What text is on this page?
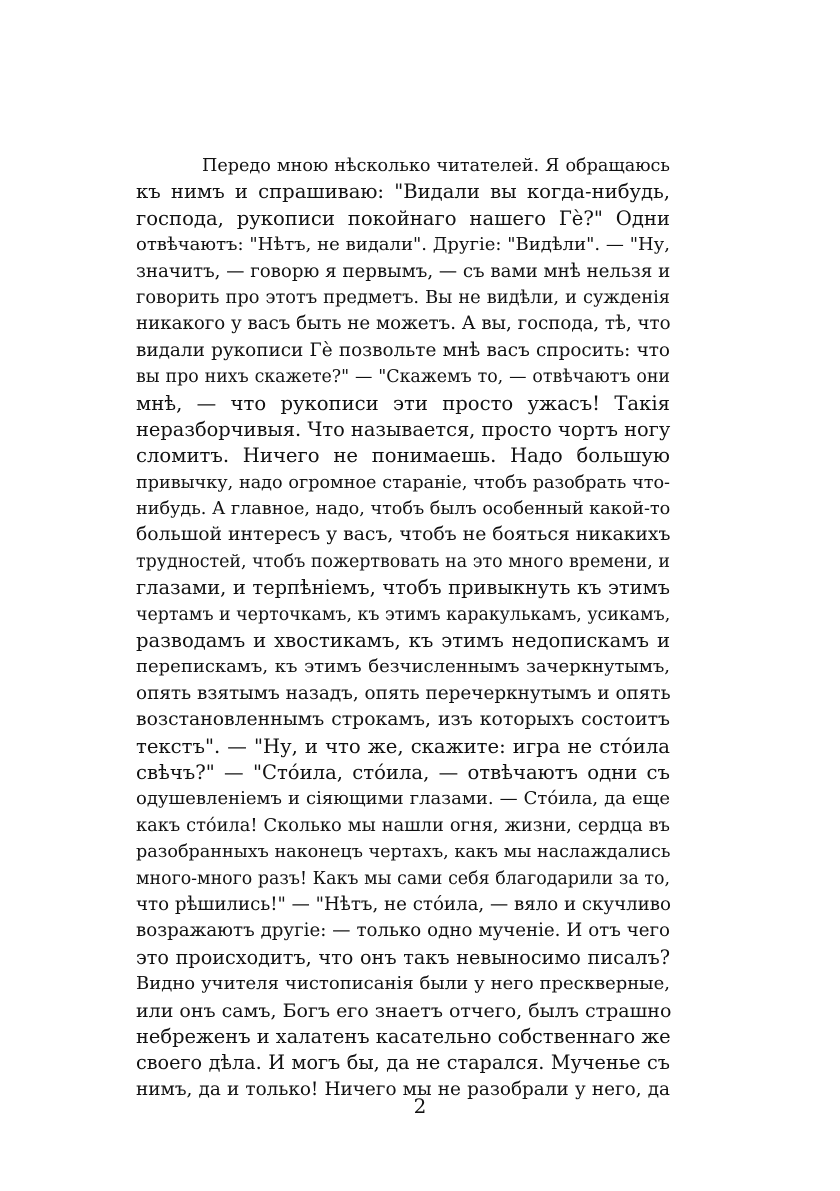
Передо мною нѣсколько читателей. Я обращаюсь
къ нимъ и спрашиваю: "Видали вы когда-нибудь,
господа, рукописи покойнаго нашего Гè?" Одни
отвѣчаютъ: "Нѣтъ, не видали". Другіе: "Видѣли". — "Ну,
значитъ, — говорю я первымъ, — съ вами мнѣ нельзя и
говорить про этотъ предметъ. Вы не видѣли, и сужденія
никакого у васъ быть не можетъ. А вы, господа, тѣ, что
видали рукописи Гè позвольте мнѣ васъ спросить: что
вы про нихъ скажете?" — "Скажемъ то, — отвѣчаютъ они
мнѣ, — что рукописи эти просто ужасъ! Такія
неразборчивыя. Что называется, просто чортъ ногу
сломитъ. Ничего не понимаешь. Надо большую
привычку, надо огромное стараніе, чтобъ разобрать что-
нибудь. А главное, надо, чтобъ былъ особенный какой-то
большой интересъ у васъ, чтобъ не бояться никакихъ
трудностей, чтобъ пожертвовать на это много времени, и
глазами, и терпѣніемъ, чтобъ привыкнуть къ этимъ
чертамъ и черточкамъ, къ этимъ каракулькамъ, усикамъ,
разводамъ и хвостикамъ, къ этимъ недопискамъ и
перепискамъ, къ этимъ безчисленнымъ зачеркнутымъ,
опять взятымъ назадъ, опять перечеркнутымъ и опять
возстановленнымъ строкамъ, изъ которыхъ состоитъ
текстъ". — "Ну, и что же, скажите: игра не сто́ила
свѣчъ?" — "Сто́ила, сто́ила, — отвѣчаютъ одни съ
одушевленіемъ и сіяющими глазами. — Сто́ила, да еще
какъ сто́ила! Сколько мы нашли огня, жизни, сердца въ
разобранныхъ наконецъ чертахъ, какъ мы наслаждались
много-много разъ! Какъ мы сами себя благодарили за то,
что рѣшились!" — "Нѣтъ, не сто́ила, — вяло и скучливо
возражаютъ другіе: — только одно мученіе. И отъ чего
это происходитъ, что онъ такъ невыносимо писалъ?
Видно учителя чистописанія были у него прескверные,
или онъ самъ, Богъ его знаетъ отчего, былъ страшно
небреженъ и халатенъ касательно собственнаго же
своего дѣла. И могъ бы, да не старался. Мученье съ
нимъ, да и только! Ничего мы не разобрали у него, да
2
